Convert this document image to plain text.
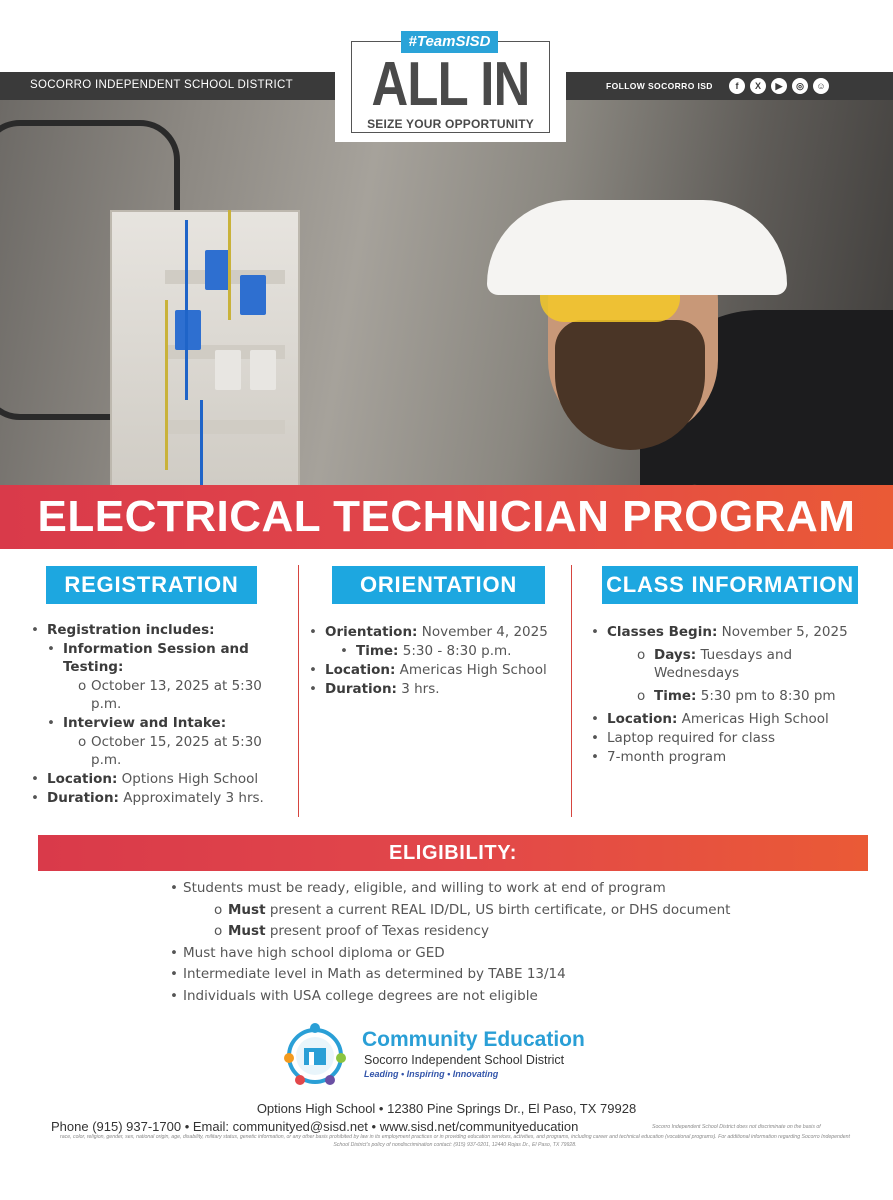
SOCORRO INDEPENDENT SCHOOL DISTRICT	FOLLOW SOCORRO ISD	f	X	▶	◎	☺
#TeamSISD
ALL IN
SEIZE YOUR OPPORTUNITY
ELECTRICAL TECHNICIAN PROGRAM
REGISTRATION	ORIENTATION	CLASS INFORMATION
• Registration includes:
• Information Session and Testing:
o October 13, 2025 at 5:30 p.m.
• Interview and Intake:
o October 15, 2025 at 5:30 p.m.
• Location: Options High School
• Duration: Approximately 3 hrs.
• Orientation: November 4, 2025
• Time: 5:30 - 8:30 p.m.
• Location: Americas High School
• Duration: 3 hrs.
• Classes Begin: November 5, 2025
o Days: Tuesdays and Wednesdays
o Time: 5:30 pm to 8:30 pm
• Location: Americas High School
• Laptop required for class
• 7-month program
ELIGIBILITY:
• Students must be ready, eligible, and willing to work at end of program
o Must present a current REAL ID/DL, US birth certificate, or DHS document
o Must present proof of Texas residency
• Must have high school diploma or GED
• Intermediate level in Math as determined by TABE 13/14
• Individuals with USA college degrees are not eligible
Community Education
Socorro Independent School District
Leading • Inspiring • Innovating
Options High School • 12380 Pine Springs Dr., El Paso, TX 79928
Phone (915) 937-1700 • Email: communityed@sisd.net • www.sisd.net/communityeducation	Socorro Independent School District does not discriminate on the basis of
race, color, religion, gender, sex, national origin, age, disability, military status, genetic information, or any other basis prohibited by law in its employment practices or in providing education services, activities, and programs, including career and technical education (vocational programs). For additional information regarding Socorro Independent School District's policy of nondiscrimination contact: (915) 937-0201, 12440 Rojas Dr., El Paso, TX 79928.
